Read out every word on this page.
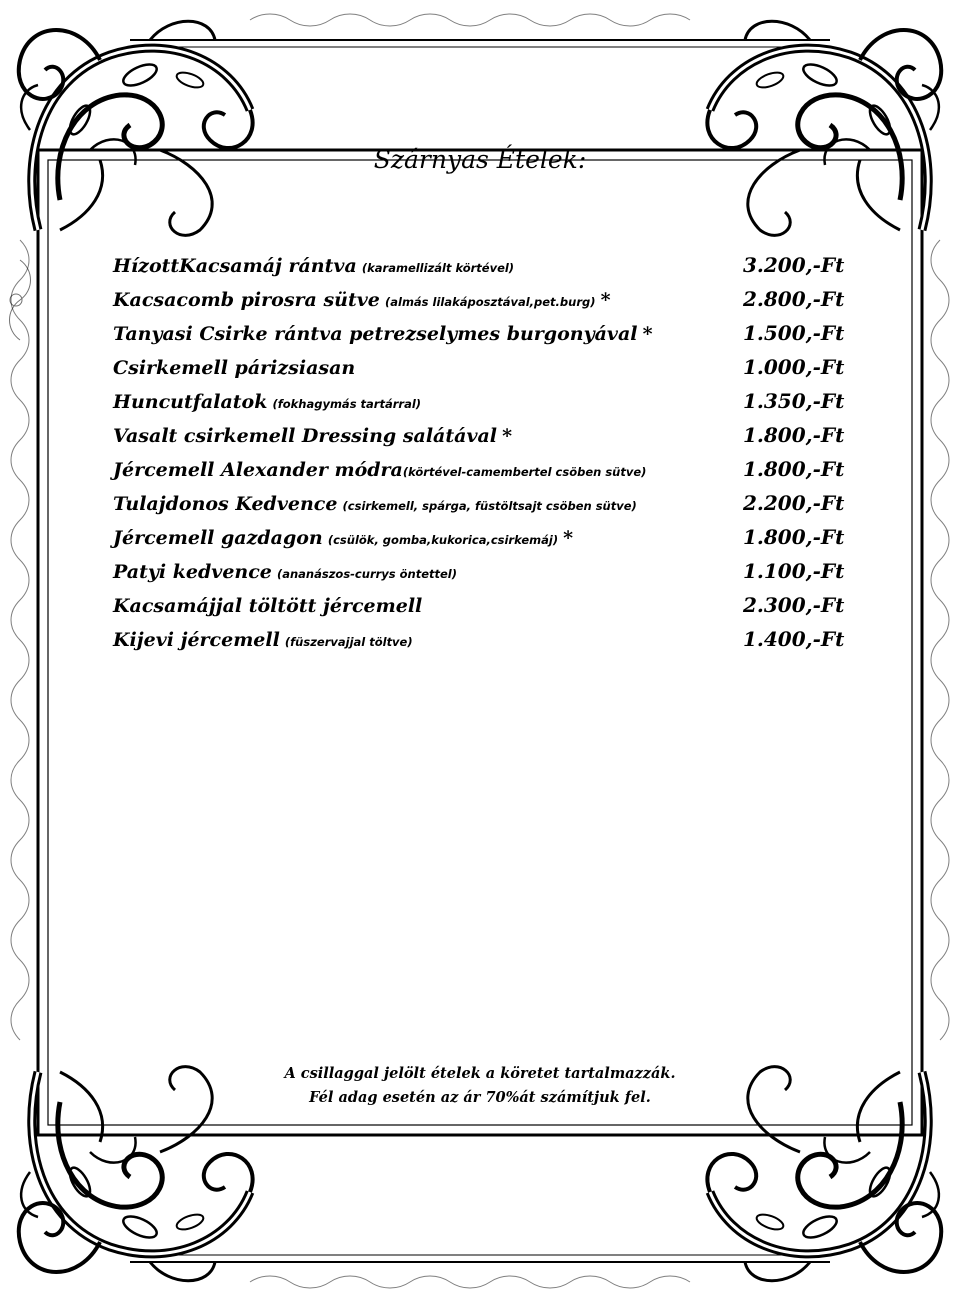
Szárnyas Ételek:
HízottKacsamáj rántva (karamellizált körtével)	3.200,-Ft
Kacsacomb pirosra sütve (almás lilakáposztával,pet.burg) *	2.800,-Ft
Tanyasi Csirke rántva petrezselymes burgonyával *	1.500,-Ft
Csirkemell párizsiasan	1.000,-Ft
Huncutfalatok (fokhagymás tartárral)	1.350,-Ft
Vasalt csirkemell Dressing salátával *	1.800,-Ft
Jércemell Alexander módra(körtével-camembertel csöben sütve)	1.800,-Ft
Tulajdonos Kedvence (csirkemell, spárga, füstöltsajt csöben sütve)	2.200,-Ft
Jércemell gazdagon (csülök, gomba,kukorica,csirkemáj) *	1.800,-Ft
Patyi kedvence (ananászos-currys öntettel)	1.100,-Ft
Kacsamájjal töltött jércemell	2.300,-Ft
Kijevi jércemell (füszervajjal töltve)	1.400,-Ft
A csillaggal jelölt ételek a köretet tartalmazzák.
Fél adag esetén az ár 70%át számítjuk fel.
